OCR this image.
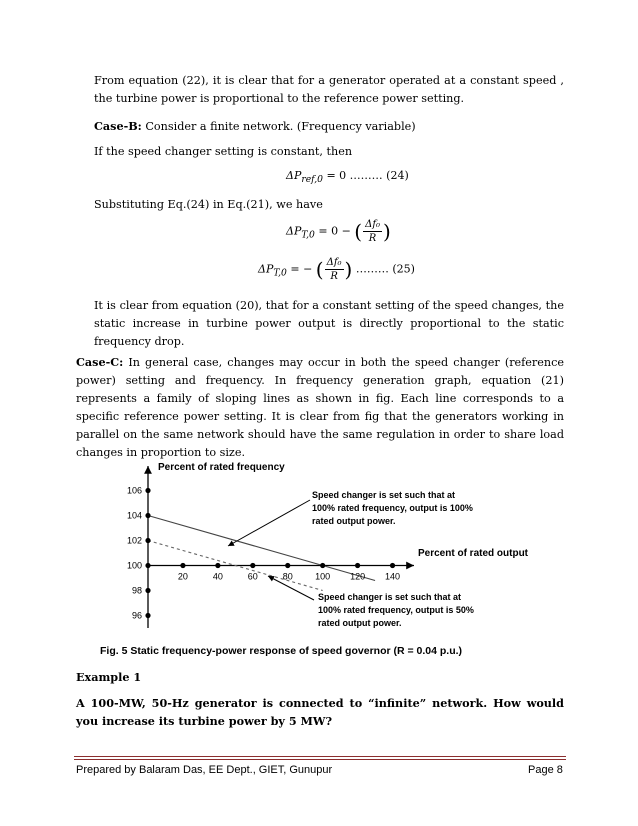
From equation (22), it is clear that for a generator operated at a constant speed , the turbine power is proportional to the reference power setting.

Case-B: Consider a finite network. (Frequency variable)

If the speed changer setting is constant, then

$\Delta P_{ref,0} = 0$ ……… (24)

Substituting Eq.(24) in Eq.(21), we have

$\Delta P_{T,0} = 0$ − ( $\frac{\text{Δf₀}}{R}$ )
$\Delta P_{T,0}$ = − ( $\frac{\text{Δf₀}}{R}$ ) ……… (25)

It is clear from equation (20), that for a constant setting of the speed changes, the static increase in turbine power output is directly proportional to the static frequency drop.

Case-C: In general case, changes may occur in both the speed changer (reference power) setting and frequency. In frequency generation graph, equation (21) represents a family of sloping lines as shown in fig. Each line corresponds to a specific reference power setting. It is clear from fig that the generators working in parallel on the same network should have the same regulation in order to share load changes in proportion to size.

96
98
100
102
104
106
20	40	60	80 100 120 140
Percent of rated frequency
Percent of rated output
Speed changer is set such that at
100% rated frequency, output is 100%
rated output power.
Speed changer is set such that at
100% rated frequency, output is 50%
rated output power.
Fig. 5 Static frequency-power response of speed governor (R = 0.04 p.u.)

Example 1

A 100-MW, 50-Hz generator is connected to “infinite” network. How would you increase its turbine power by 5 MW?

Prepared by Balaram Das, EE Dept., GIET, Gunupur	Page 8
